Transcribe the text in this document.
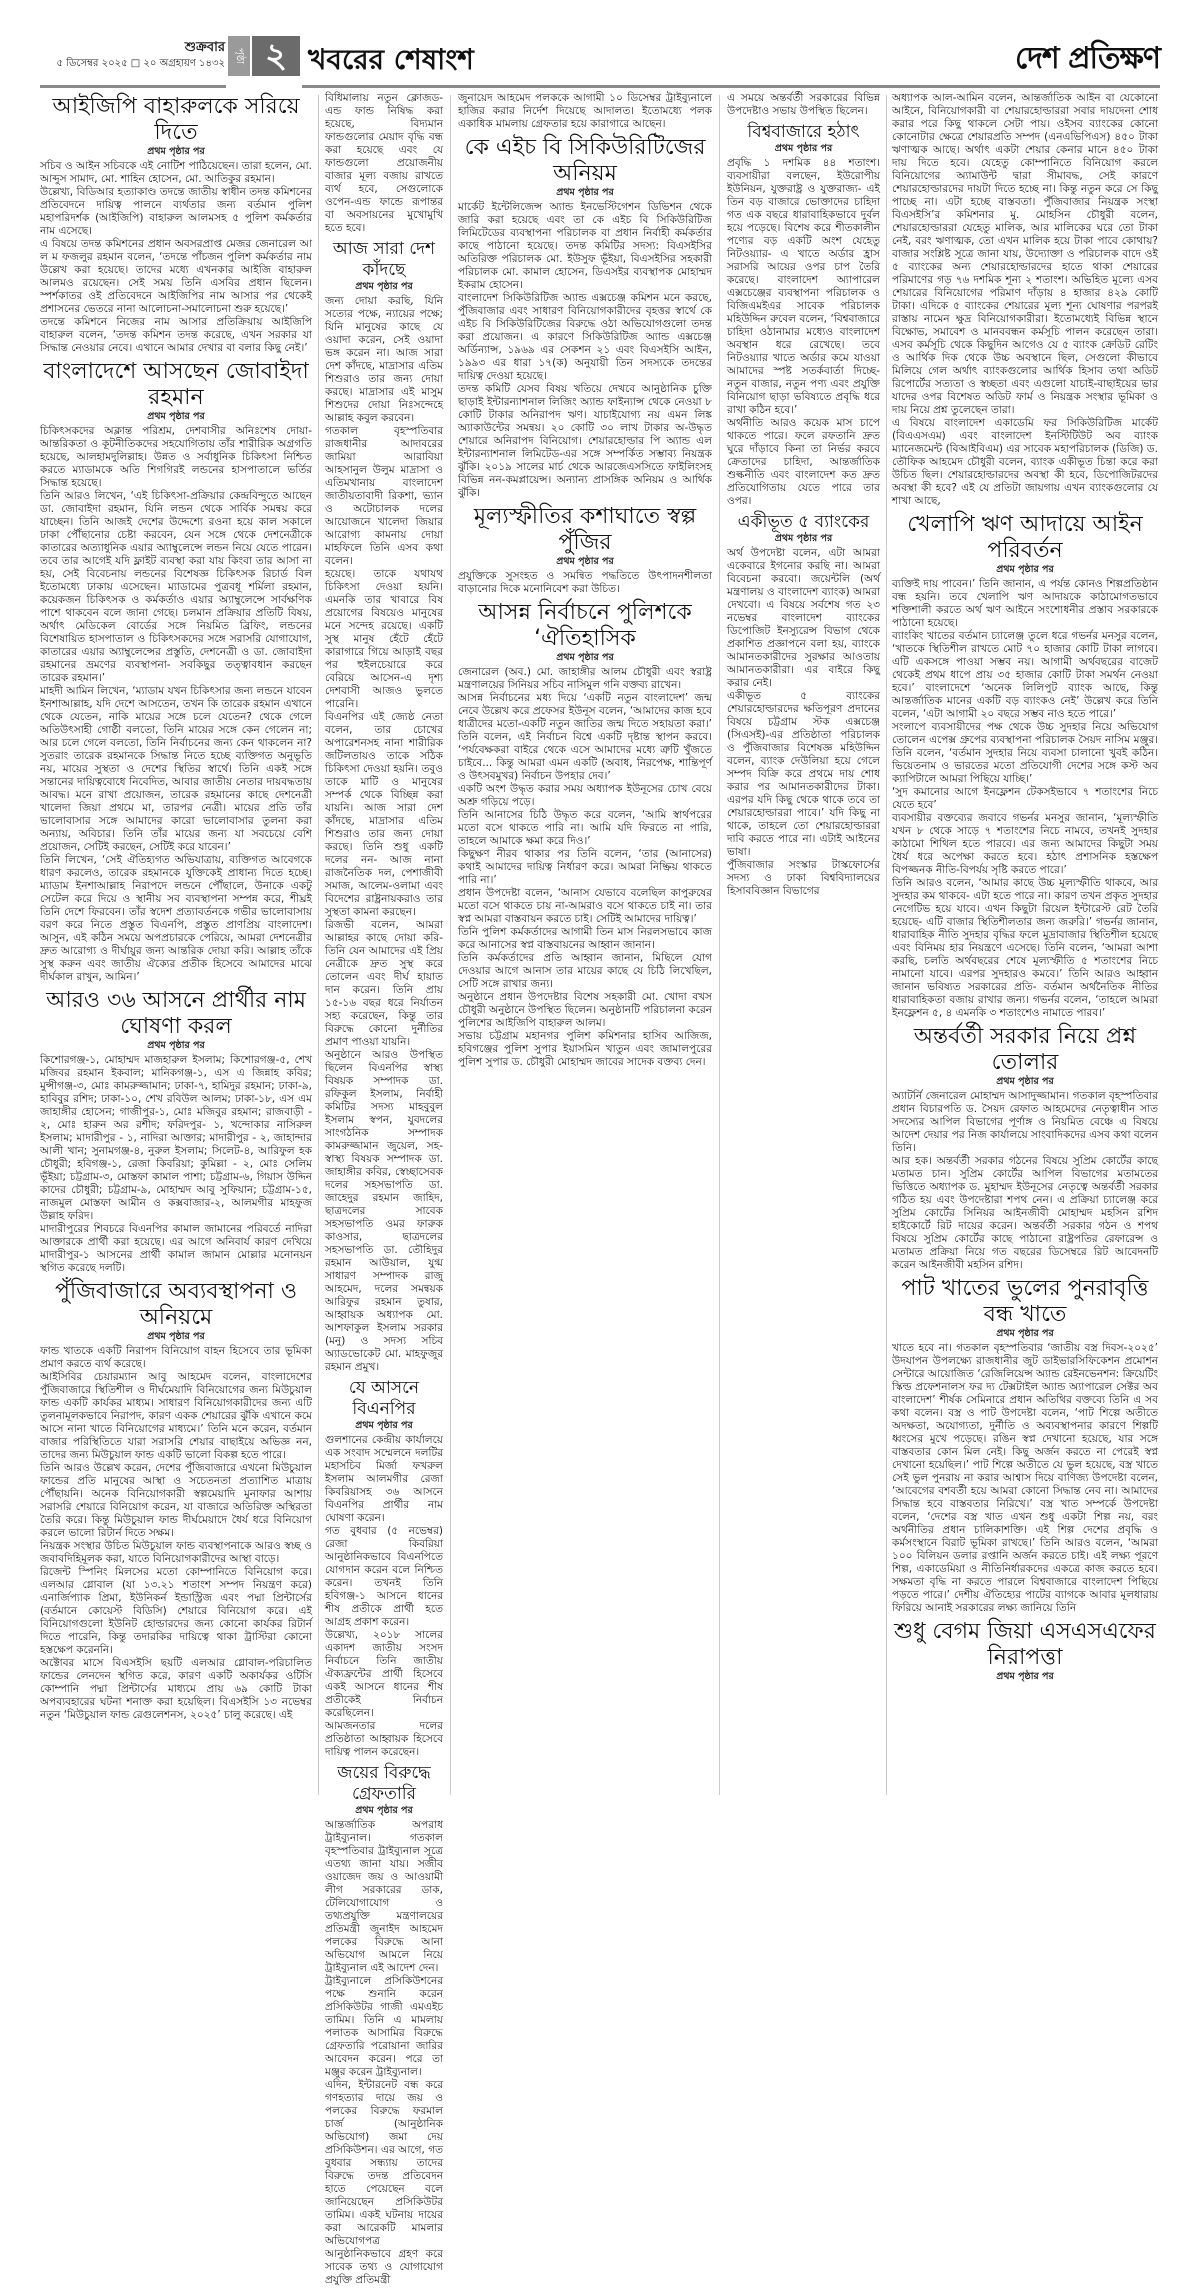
শুক্রবার
৫ ডিসেম্বর ২০২৫ □ ২০ অগ্রহায়ণ ১৪৩২ পৃষ্ঠা ২ খবরের শেষাংশ	দেশ প্রতিক্ষণ
আইজিপি বাহারুলকে সরিয়ে দিতে
প্রথম পৃষ্ঠার পর

সচিব ও আইন সচিবকে এই নোটিশ পাঠিয়েছেন। তারা হলেন, মো. আব্দুস সামাদ, মো. শাহিন হোসেন, মো. আতিকুর রহমান।

উল্লেখ্য, বিডিআর হত্যাকাণ্ড তদন্তে জাতীয় স্বাধীন তদন্ত কমিশনের প্রতিবেদনে দায়িত্ব পালনে ব্যর্থতার জন্য বর্তমান পুলিশ মহাপরিদর্শক (আইজিপি) বাহারুল আলমসহ ৫ পুলিশ কর্মকর্তার নাম এসেছে।

এ বিষয়ে তদন্ত কমিশনের প্রধান অবসরপ্রাপ্ত মেজর জেনারেল আ ল ম ফজলুর রহমান বলেন, ‘তদন্তে পাঁচজন পুলিশ কর্মকর্তার নাম উল্লেখ করা হয়েছে। তাদের মধ্যে এখনকার আইজি বাহারুল আলমও রয়েছেন। সেই সময় তিনি এসবির প্রধান ছিলেন। স্পর্শকাতর ওই প্রতিবেদনে আইজিপির নাম আসার পর থেকেই প্রশাসনের ভেতরে নানা আলোচনা-সমালোচনা শুরু হয়েছে।’

তদন্তে কমিশনে নিজের নাম আসার প্রতিক্রিয়ায় আইজিপি বাহারুল বলেন, ‘তদন্ত কমিশন তদন্ত করেছে, এখন সরকার যা সিদ্ধান্ত নেওয়ার নেবে। এখানে আমার দেখার বা বলার কিছু নেই।’

বাংলাদেশে আসছেন জোবাইদা রহমান
প্রথম পৃষ্ঠার পর

চিকিৎসকদের অক্লান্ত পরিশ্রম, দেশবাসীর অনিঃশেষ দোয়া-আন্তরিকতা ও কূটনীতিকদের সহযোগিতায় তাঁর শারীরিক অগ্রগতি হয়েছে, আলহামদুলিল্লাহ। উন্নত ও সর্বাধুনিক চিকিৎসা নিশ্চিত করতে ম্যাডামকে অতি শিগগিরই লন্ডনের হাসপাতালে ভর্তির সিদ্ধান্ত হয়েছে।

তিনি আরও লিখেন, ‘এই চিকিৎসা-প্রক্রিয়ার কেন্দ্রবিন্দুতে আছেন ডা. জোবাইদা রহমান, যিনি লন্ডন থেকে সার্বিক সমন্বয় করে যাচ্ছেন। তিনি আজই দেশের উদ্দেশ্যে রওনা হয়ে কাল সকালে ঢাকা পৌঁছানোর চেষ্টা করবেন, যেন সঙ্গে থেকে দেশনেত্রীকে কাতারের অত্যাধুনিক এয়ার অ্যাম্বুলেন্সে লন্ডন নিয়ে যেতে পারেন। তবে তার আগেই যদি ফ্লাইট ব্যবস্থা করা যায় কিংবা তার আসা না হয়, সেই বিবেচনায় লন্ডনের বিশেষজ্ঞ চিকিৎসক রিচার্ড বিল ইতোমধ্যে ঢাকায় এসেছেন। ম্যাডামের পুত্রবধূ শর্মিলা রহমান, কয়েকজন চিকিৎসক ও কর্মকর্তাও এয়ার অ্যাম্বুলেন্সে সার্বক্ষণিক পাশে থাকবেন বলে জানা গেছে। চলমান প্রক্রিয়ার প্রতিটি বিষয়, অর্থাৎ মেডিকেল বোর্ডের সঙ্গে নিয়মিত ব্রিফিং, লন্ডনের বিশেষায়িত হাসপাতাল ও চিকিৎসকদের সঙ্গে সরাসরি যোগাযোগ, কাতারের এয়ার অ্যাম্বুলেন্সের প্রস্তুতি, দেশনেত্রী ও ডা. জোবাইদা রহমানের ভ্রমণের ব্যবস্থাপনা- সবকিছুর তত্ত্বাবধান করছেন তারেক রহমান।’

মাহদী আমিন লিখেন, ‘ম্যাডাম যখন চিকিৎসার জন্য লন্ডনে যাবেন ইনশাআল্লাহ, যদি দেশে আসতেন, তখন কি তারেক রহমান এখানে থেকে যেতেন, নাকি মায়ের সঙ্গে চলে যেতেন? থেকে গেলে অতিউৎসাহী গোষ্ঠী বলতো, তিনি মায়ের সঙ্গে কেন গেলেন না; আর চলে গেলে বলতো, তিনি নির্বাচনের জন্য কেন থাকলেন না? সুতরাং তারেক রহমানকে সিদ্ধান্ত নিতে হচ্ছে ব্যক্তিগত অনুভূতি নয়, মায়ের সুস্থতা ও দেশের স্থিতির স্বার্থে। তিনি একই সঙ্গে সন্তানের দায়িত্ববোধে নিবেদিত, আবার জাতীয় নেতার দায়বদ্ধতায় আবদ্ধ। মনে রাখা প্রয়োজন, তারেক রহমানের কাছে দেশনেত্রী খালেদা জিয়া প্রথমে মা, তারপর নেত্রী। মায়ের প্রতি তাঁর ভালোবাসার সঙ্গে আমাদের কারো ভালোবাসার তুলনা করা অন্যায়, অবিচার। তিনি তাঁর মায়ের জন্য যা সবচেয়ে বেশি প্রয়োজন, সেটিই করছেন, সেটিই করে যাবেন।’

তিনি লিখেন, ‘সেই ঐতিহ্যগত অভিযাত্রায়, ব্যক্তিগত আবেগকে ধারণ করলেও, তারেক রহমানকে যুক্তিকেই প্রাধান্য দিতে হচ্ছে। ম্যাডাম ইনশাআল্লাহ নিরাপদে লন্ডনে পৌঁছালে, উনাকে একটু সেটেল করে দিয়ে ও স্থানীয় সব ব্যবস্থাপনা সম্পন্ন করে, শীঘ্রই তিনি দেশে ফিরবেন। তাঁর স্বদেশ প্রত্যাবর্তনকে গভীর ভালোবাসায় বরণ করে নিতে প্রস্তুত বিএনপি, প্রস্তুত প্রাণপ্রিয় বাংলাদেশ। আসুন, এই কঠিন সময়ে অপপ্রচারকে পেরিয়ে, আমরা দেশনেত্রীর দ্রুত আরোগ্য ও দীর্ঘায়ুর জন্য আন্তরিক দোয়া করি। আল্লাহ তাঁকে সুস্থ করুন এবং জাতীয় ঐক্যের প্রতীক হিসেবে আমাদের মাঝে দীর্ঘকাল রাখুন, আমিন।’

আরও ৩৬ আসনে প্রার্থীর নাম ঘোষণা করল
প্রথম পৃষ্ঠার পর

কিশোরগঞ্জ-১, মোহাম্মদ মাজহারুল ইসলাম; কিশোরগঞ্জ-৫, শেখ মজিবর রহমান ইকবাল; মানিকগঞ্জ-১, এস এ জিন্নাহ কবির; মুন্সীগঞ্জ-৩, মোঃ কামরুজ্জামান; ঢাকা-৭, হামিদুর রহমান; ঢাকা-৯, হাবিবুর রশিদ; ঢাকা-১০, শেখ রবিউল আলম; ঢাকা-১৮, এস এম জাহাঙ্গীর হোসেন; গাজীপুর-১, মোঃ মজিবুর রহমান; রাজবাড়ী - ২, মোঃ হারুন অর রশীদ; ফরিদপুর- ১, খন্দোকার নাসিরুল ইসলাম; মাদারীপুর - ১, নাদিরা আক্তার; মাদারীপুর - ২, জাহান্দার আলী খান; সুনামগঞ্জ-৪, নুরুল ইসলাম; সিলেট-৪, আরিফুল হক চৌধুরী; হবিগঞ্জ-১, রেজা কিবরিয়া; কুমিল্লা - ২, মোঃ সেলিম ভূঁইয়া; চট্টগ্রাম-৩, মোস্তফা কামাল পাশা; চট্টগ্রাম-৬, গিয়াস উদ্দিন কাদের চৌধুরী; চট্টগ্রাম-৯, মোহাম্মদ আবু সুফিয়ান; চট্টগ্রাম-১৫, নাজমুল মোস্তফা আমীন ও কক্সবাজার-২, আলমগীর মাহফুজ উল্লাহ ফরিদ।

মাদারীপুরের শিবচরে বিএনপির কামাল জামানের পরিবর্তে নাদিরা আক্তারকে প্রার্থী করা হয়েছে। এর আগে অনিবার্য কারণ দেখিয়ে মাদারীপুর-১ আসনের প্রার্থী কামাল জামান মোল্লার মনোনয়ন স্থগিত করেছে দলটি।

পুঁজিবাজারে অব্যবস্থাপনা ও অনিয়মে
প্রথম পৃষ্ঠার পর

ফান্ড খাতকে একটি নিরাপদ বিনিয়োগ বাহন হিসেবে তার ভূমিকা প্রমাণ করতে ব্যর্থ করেছে।

আইসিবির চেয়ারম্যান আবু আহমেদ বলেন, বাংলাদেশের পুঁজিবাজারে স্থিতিশীল ও দীর্ঘমেয়াদি বিনিয়োগের জন্য মিউচুয়াল ফান্ড একটি কার্যকর মাধ্যম। সাধারণ বিনিয়োগকারীদের জন্য এটি তুলনামূলকভাবে নিরাপদ, কারণ একক শেয়ারের ঝুঁকি এখানে কমে আসে নানা খাতে বিনিয়োগের মাধ্যমে।’ তিনি মনে করেন, বর্তমান বাজার পরিস্থিতিতে যারা সরাসরি শেয়ার বাছাইয়ে অভিজ্ঞ নন, তাদের জন্য মিউচুয়াল ফান্ড একটি ভালো বিকল্প হতে পারে।

তিনি আরও উল্লেখ করেন, দেশের পুঁজিবাজারে এখনো মিউচুয়াল ফান্ডের প্রতি মানুষের আস্থা ও সচেতনতা প্রত্যাশিত মাত্রায় পৌঁছায়নি। অনেক বিনিয়োগকারী স্বল্পমেয়াদি মুনাফার আশায় সরাসরি শেয়ারে বিনিয়োগ করেন, যা বাজারে অতিরিক্ত অস্থিরতা তৈরি করে। কিন্তু মিউচুয়াল ফান্ড দীর্ঘমেয়াদে ধৈর্য ধরে বিনিয়োগ করলে ভালো রিটার্ন দিতে সক্ষম।

নিয়ন্ত্রক সংস্থার উচিত মিউচুয়াল ফান্ড ব্যবস্থাপনাকে আরও স্বচ্ছ ও জবাবদিহিমূলক করা, যাতে বিনিয়োগকারীদের আস্থা বাড়ে।

রিজেন্ট স্পিনিং মিলসের মতো কোম্পানিতে বিনিয়োগ করে। এলআর গ্লোবাল (যা ১৩.২১ শতাংশ সম্পদ নিয়ন্ত্রণ করে) এনার্জিপ্যাক প্রিমা, ইউনিকর্ন ইন্ডাস্ট্রিজ এবং পদ্মা প্রিন্টার্সের (বর্তমানে কোয়েস্ট বিডিসি) শেয়ারে বিনিয়োগ করে। এই বিনিয়োগগুলো ইউনিট হোল্ডারদের জন্য কোনো কার্যকর রিটার্ন দিতে পারেনি, কিন্তু তদারকির দায়িত্বে থাকা ট্রাস্টিরা কোনো হস্তক্ষেপ করেননি।

অক্টোবর মাসে বিএসইসি ছয়টি এলআর গ্লোবাল-পরিচালিত ফান্ডের লেনদেন স্থগিত করে, কারণ একটি অকার্যকর ওটিসি কোম্পানি পদ্মা প্রিন্টার্সের মাধ্যমে প্রায় ৬৯ কোটি টাকা অপব্যবহারের ঘটনা শনাক্ত করা হয়েছিল। বিএসইসি ১৩ নভেম্বর নতুন ‘মিউচুয়াল ফান্ড রেগুলেশনস, ২০২৫’ চালু করেছে। এই

বিধিমালায় নতুন ক্লোজড-এন্ড ফান্ড নিষিদ্ধ করা হয়েছে, বিদ্যমান ফান্ডগুলোর মেয়াদ বৃদ্ধি বন্ধ করা হয়েছে এবং যে ফান্ডগুলো প্রয়োজনীয় বাজার মূল্য বজায় রাখতে ব্যর্থ হবে, সেগুলোকে ওপেন-এন্ড ফান্ডে রূপান্তর বা অবসায়নের মুখোমুখি হতে হবে।

আজ সারা দেশ কাঁদছে
প্রথম পৃষ্ঠার পর

জন্য দোয়া করছি, যিনি সত্যের পক্ষে, ন্যায়ের পক্ষে; যিনি মানুষের কাছে যে ওয়াদা করেন, সেই ওয়াদা ভঙ্গ করেন না। আজ সারা দেশ কাঁদছে, মাদ্রাসার এতিম শিশুরাও তার জন্য দোয়া করছে। মাদ্রাসার এই মাসুম শিশুদের দোয়া নিঃসন্দেহে আল্লাহ কবুল করবেন।

গতকাল বৃহস্পতিবার রাজধানীর আদাবরের জামিয়া আরাবিয়া আহসানুল উলুম মাদ্রাসা ও এতিমখানায় বাংলাদেশ জাতীয়তাবাদী রিকশা, ভ্যান ও অটোচালক দলের আয়োজনে খালেদা জিয়ার আরোগ্য কামনায় দোয়া মাহফিলে তিনি এসব কথা বলেন।

হয়েছে। তাকে যথাযথ চিকিৎসা দেওয়া হয়নি। এমনকি তার খাবারে বিষ প্রয়োগের বিষয়েও মানুষের মনে সন্দেহ রয়েছে। একটি সুস্থ মানুষ হেঁটে হেঁটে কারাগারে গিয়ে আড়াই বছর পর হুইলচেয়ারে করে বেরিয়ে আসেন-এ দৃশ্য দেশবাসী আজও ভুলতে পারেনি।

বিএনপির এই জ্যেষ্ঠ নেতা বলেন, তার চোখের অপারেশনসহ নানা শারীরিক জটিলতায়ও তাকে সঠিক চিকিৎসা দেওয়া হয়নি। তবুও তাকে মাটি ও মানুষের সম্পর্ক থেকে বিচ্ছিন্ন করা যায়নি। আজ সারা দেশ কাঁদছে, মাদ্রাসার এতিম শিশুরাও তার জন্য দোয়া করছে। তিনি শুধু একটি দলের নন- আজ নানা রাজনৈতিক দল, পেশাজীবী সমাজ, আলেম-ওলামা এবং বিদেশের রাষ্ট্রনায়করাও তার সুস্থতা কামনা করছেন।

রিজভী বলেন, আমরা আল্লাহর কাছে দোয়া করি- তিনি যেন আমাদের এই প্রিয় নেত্রীকে দ্রুত সুস্থ করে তোলেন এবং দীর্ঘ হায়াত দান করেন। তিনি প্রায় ১৫-১৬ বছর ধরে নির্যাতন সহ্য করেছেন, কিন্তু তার বিরুদ্ধে কোনো দুর্নীতির প্রমাণ পাওয়া যায়নি।

অনুষ্ঠানে আরও উপস্থিত ছিলেন বিএনপির স্বাস্থ্য বিষয়ক সম্পাদক ডা. রফিকুল ইসলাম, নির্বাহী কমিটির সদস্য মাহবুবুল ইসলাম স্বপন, যুবদলের সাংগঠনিক সম্পাদক কামরুজ্জামান জুয়েল, সহ-স্বাস্থ্য বিষয়ক সম্পাদক ডা. জাহাঙ্গীর কবির, স্বেচ্ছাসেবক দলের সহসভাপতি ডা. জাহেদুর রহমান জাহিদ, ছাত্রদলের সাবেক সহসভাপতি ওমর ফারুক কাওসার, ছাত্রদলের সহসভাপতি ডা. তৌহিদুর রহমান আউয়াল, যুগ্ম সাধারণ সম্পাদক রাজু আহমেদ, দলের সমন্বয়ক আরিফুর রহমান তুষার, আহ্বায়ক অধ্যাপক মো. আশফাকুল ইসলাম সরকার (মনু) ও সদস্য সচিব অ্যাডভোকেট মো. মাহফুজুর রহমান প্রমুখ।

যে আসনে বিএনপির
প্রথম পৃষ্ঠার পর

গুলশানের কেন্দ্রীয় কার্যালয়ে এক সংবাদ সম্মেলনে দলটির মহাসচিব মির্জা ফখরুল ইসলাম আলমগীর রেজা কিবরিয়াসহ ৩৬ আসনে বিএনপির প্রার্থীর নাম ঘোষণা করেন।

গত বুধবার (৫ নভেম্বর) রেজা কিবরিয়া আনুষ্ঠানিকভাবে বিএনপিতে যোগদান করেন বলে নিশ্চিত করেন। তখনই তিনি হবিগঞ্জ-১ আসনে ধানের শীষ প্রতীকে প্রার্থী হতে আগ্রহ প্রকাশ করেন।

উল্লেখ্য, ২০১৮ সালের একাদশ জাতীয় সংসদ নির্বাচনে তিনি জাতীয় ঐক্যফ্রন্টের প্রার্থী হিসেবে একই আসনে ধানের শীষ প্রতীকেই নির্বাচন করেছিলেন।

আমজনতার দলের প্রতিষ্ঠাতা আহ্বায়ক হিসেবে দায়িত্ব পালন করেছেন।

জয়ের বিরুদ্ধে গ্রেফতারি
প্রথম পৃষ্ঠার পর

আন্তর্জাতিক অপরাধ ট্রাইব্যুনাল। গতকাল বৃহস্পতিবার ট্রাইব্যুনাল সূত্রে এতথ্য জানা যায়। সজীব ওয়াজেদ জয় ও আওয়ামী লীগ সরকারের ডাক, টেলিযোগাযোগ ও তথ্যপ্রযুক্তি মন্ত্রণালয়ের প্রতিমন্ত্রী জুনাইদ আহমেদ পলকের বিরুদ্ধে আনা অভিযোগ আমলে নিয়ে ট্রাইব্যুনাল এই আদেশ দেন।

ট্রাইব্যুনালে প্রসিকিউশনের পক্ষে শুনানি করেন প্রসিকিউটর গাজী এমএইচ তামিম। তিনি এ মামলায় পলাতক আসামির বিরুদ্ধে গ্রেফতারি পরোয়ানা জারির আবেদন করেন। পরে তা মঞ্জুর করেন ট্রাইব্যুনাল।

এদিন, ইন্টারনেট বন্ধ করে গণহত্যার দায়ে জয় ও পলকের বিরুদ্ধে ফরমাল চার্জ (আনুষ্ঠানিক অভিযোগ) জমা দেয় প্রসিকিউশন। এর আগে, গত বুধবার সন্ধ্যায় তাদের বিরুদ্ধে তদন্ত প্রতিবেদন হাতে পেয়েছেন বলে জানিয়েছেন প্রসিকিউটর তামিম। একই ঘটনায় দায়ের করা আরেকটি মামলার অভিযোগপত্র আনুষ্ঠানিকভাবে গ্রহণ করে সাবেক তথ্য ও যোগাযোগ প্রযুক্তি প্রতিমন্ত্রী

জুনায়েদ আহমেদ পলককে আগামী ১০ ডিসেম্বর ট্রাইব্যুনালে হাজির করার নির্দেশ দিয়েছে আদালত। ইতোমধ্যে পলক একাধিক মামলায় গ্রেফতার হয়ে কারাগারে আছেন।

কে এইচ বি সিকিউরিটিজের অনিয়ম
প্রথম পৃষ্ঠার পর

মার্কেট ইন্টেলিজেন্স অ্যান্ড ইনভেস্টিগেশন ডিভিশন থেকে জারি করা হয়েছে এবং তা কে এইচ বি সিকিউরিটিজ লিমিটেডের ব্যবস্থাপনা পরিচালক বা প্রধান নির্বাহী কর্মকর্তার কাছে পাঠানো হয়েছে। তদন্ত কমিটির সদস্য: বিএসইসির অতিরিক্ত পরিচালক মো. ইউসুফ ভূঁইয়া, বিএসইসির সহকারী পরিচালক মো. কামাল হোসেন, ডিএসইর ব্যবস্থাপক মোহাম্মদ ইকরাম হোসেন।

বাংলাদেশ সিকিউরিটিজ অ্যান্ড এক্সচেঞ্জ কমিশন মনে করছে, পুঁজিবাজার এবং সাধারণ বিনিয়োগকারীদের বৃহত্তর স্বার্থে কে এইচ বি সিকিউরিটিজের বিরুদ্ধে ওঠা অভিযোগগুলো তদন্ত করা প্রয়োজন। এ কারণে সিকিউরিটিজ অ্যান্ড এক্সচেঞ্জ অর্ডিন্যান্স, ১৯৬৯ এর সেকশন ২১ এবং বিএসইসি আইন, ১৯৯৩ এর ধারা ১৭(ক) অনুযায়ী তিন সদস্যকে তদন্তের দায়িত্ব দেওয়া হয়েছে।

তদন্ত কমিটি যেসব বিষয় খতিয়ে দেখবে আনুষ্ঠানিক চুক্তি ছাড়াই ইন্টারন্যাশনাল লিজিং অ্যান্ড ফাইন্যান্স থেকে নেওয়া ৮ কোটি টাকার অনিরাপদ ঋণ। যাচাইযোগ্য নয় এমন লিঙ্ক অ্যাকাউন্টের সমন্বয়। ২০ কোটি ৩০ লাখ টাকার অ-উদ্ধৃত শেয়ারে অনিরাপদ বিনিয়োগ। শেয়ারহোল্ডার পি অ্যান্ড এল ইন্টারন্যাশনাল লিমিটেড-এর সঙ্গে সম্পর্কিত সম্ভাব্য নিয়ন্ত্রক ঝুঁকি। ২০১৯ সালের মার্চ থেকে আরজেএসসিতে ফাইলিংসহ বিভিন্ন নন-কমপ্লায়েন্স। অন্যান্য প্রাসঙ্গিক অনিয়ম ও আর্থিক ঝুঁকি।

মূল্যস্ফীতির কশাঘাতে স্বল্প পুঁজির
প্রথম পৃষ্ঠার পর

প্রযুক্তিকে সুসংহত ও সমন্বিত পদ্ধতিতে উৎপাদনশীলতা বাড়ানোর দিকে মনোনিবেশ করা উচিত।

আসন্ন নির্বাচনে পুলিশকে ‘ঐতিহাসিক
প্রথম পৃষ্ঠার পর

জেনারেল (অব.) মো. জাহাঙ্গীর আলম চৌধুরী এবং স্বরাষ্ট্র মন্ত্রণালয়ের সিনিয়র সচিব নাসিমুল গনি বক্তব্য রাখেন।

আসন্ন নির্বাচনের মধ্য দিয়ে ‘একটি নতুন বাংলাদেশ’ জন্ম নেবে উল্লেখ করে প্রফেসর ইউনূস বলেন, ‘আমাদের কাজ হবে ধাত্রীদের মতো-একটি নতুন জাতির জন্ম দিতে সহায়তা করা।’ তিনি বলেন, এই নির্বাচন বিশ্বে একটি দৃষ্টান্ত স্থাপন করবে। ‘পর্যবেক্ষকরা বাইরে থেকে এসে আমাদের মধ্যে ত্রুটি খুঁজতে চাইবে... কিন্তু আমরা এমন একটি (অবাধ, নিরপেক্ষ, শান্তিপূর্ণ ও উৎসবমুখর) নির্বাচন উপহার দেব।’

একটি অংশ উদ্ধৃত করার সময় অধ্যাপক ইউনূসের চোখ বেয়ে অশ্রু গড়িয়ে পড়ে।

তিনি আনাসের চিঠি উদ্ধৃত করে বলেন, ‘আমি স্বার্থপরের মতো বসে থাকতে পারি না। আমি যদি ফিরতে না পারি, তাহলে আমাকে ক্ষমা করে দিও।’

কিছুক্ষণ নীরব থাকার পর তিনি বলেন, ‘তার (আনাসের) কথাই আমাদের দায়িত্ব নির্ধারণ করে। আমরা নিষ্ক্রিয় থাকতে পারি না।’

প্রধান উপদেষ্টা বলেন, ‘আনাস যেভাবে বলেছিল কাপুরুষের মতো বসে থাকতে চায় না-আমরাও বসে থাকতে চাই না। তার স্বপ্ন আমরা বাস্তবায়ন করতে চাই। সেটিই আমাদের দায়িত্ব।’

তিনি পুলিশ কর্মকর্তাদের আগামী তিন মাস নিরলসভাবে কাজ করে আনাসের স্বপ্ন বাস্তবায়নের আহ্বান জানান।

তিনি কর্মকর্তাদের প্রতি আহ্বান জানান, মিছিলে যোগ দেওয়ার আগে আনাস তার মায়ের কাছে যে চিঠি লিখেছিল, সেটি সঙ্গে রাখার জন্য।

অনুষ্ঠানে প্রধান উপদেষ্টার বিশেষ সহকারী মো. খোদা বখস চৌধুরী অনুষ্ঠানে উপস্থিত ছিলেন। অনুষ্ঠানটি পরিচালনা করেন পুলিশের আইজিপি বাহারুল আলম।

সভায় চট্টগ্রাম মহানগর পুলিশ কমিশনার হাসিব আজিজ, হবিগঞ্জের পুলিশ সুপার ইয়াসমিন খাতুন এবং জামালপুরের পুলিশ সুপার ড. চৌধুরী মোহাম্মদ জাবের সাদেক বক্তব্য দেন।

এ সময়ে অন্তর্বর্তী সরকারের বিভিন্ন উপদেষ্টাও সভায় উপস্থিত ছিলেন।

বিশ্ববাজারে হঠাৎ
প্রথম পৃষ্ঠার পর

প্রবৃদ্ধি ১ দশমিক ৪৪ শতাংশ। ব্যবসায়ীরা বলছেন, ইউরোপীয় ইউনিয়ন, যুক্তরাষ্ট্র ও যুক্তরাজ্য- এই তিন বড় বাজারে ভোক্তাদের চাহিদা গত এক বছরে ধারাবাহিকভাবে দুর্বল হয়ে পড়েছে। বিশেষ করে শীতকালীন পণ্যের বড় একটি অংশ যেহেতু নিটওয়্যার- এ খাতে অর্ডার হ্রাস সরাসরি আয়ের ওপর চাপ তৈরি করেছে। বাংলাদেশ অ্যাপারেল এক্সচেঞ্জের ব্যবস্থাপনা পরিচালক ও বিজিএমইএর সাবেক পরিচালক মহিউদ্দিন রুবেল বলেন, ‘বিশ্ববাজারে চাহিদা ওঠানামার মধ্যেও বাংলাদেশ অবস্থান ধরে রেখেছে। তবে নিটওয়্যার খাতে অর্ডার কমে যাওয়া আমাদের স্পষ্ট সতর্কবার্তা দিচ্ছে- নতুন বাজার, নতুন পণ্য এবং প্রযুক্তি বিনিয়োগ ছাড়া ভবিষ্যতে প্রবৃদ্ধি ধরে রাখা কঠিন হবে।’

অর্থনীতি আরও কয়েক মাস চাপে থাকতে পারে। ফলে রফতানি দ্রুত ঘুরে দাঁড়াবে কিনা তা নির্ভর করবে ক্রেতাদের চাহিদা, আন্তর্জাতিক শুল্কনীতি এবং বাংলাদেশ কত দ্রুত প্রতিযোগিতায় যেতে পারে তার ওপর।

একীভূত ৫ ব্যাংকের
প্রথম পৃষ্ঠার পর

অর্থ উপদেষ্টা বলেন, এটা আমরা একেবারে ইগনোর করছি না। আমরা বিবেচনা করবো। জয়েন্টলি (অর্থ মন্ত্রণালয় ও বাংলাদেশ ব্যাংক) আমরা দেখবো। এ বিষয়ে সর্বশেষ গত ২৩ নভেম্বর বাংলাদেশ ব্যাংকের ডিপোজিট ইনস্যুরেন্স বিভাগ থেকে প্রকাশিত প্রজ্ঞাপনে বলা হয়, ব্যাংকে আমানতকারীদের সুরক্ষার আওতায় আমানতকারীরা। এর বাইরে কিছু করার নেই।

একীভূত ৫ ব্যাংকের শেয়ারহোল্ডারদের ক্ষতিপূরণ প্রদানের বিষয়ে চট্টগ্রাম স্টক এক্সচেঞ্জ (সিএসই)-এর প্রতিষ্ঠাতা পরিচালক ও পুঁজিবাজার বিশেষজ্ঞ মহিউদ্দিন বলেন, ব্যাংক দেউলিয়া হয়ে গেলে সম্পদ বিক্রি করে প্রথমে দায় শোধ করার পর আমানতকারীদের টাকা। এরপর যদি কিছু থেকে থাকে তবে তা শেয়ারহোল্ডাররা পাবে।’ যদি কিছু না থাকে, তাহলে তো শেয়ারহোল্ডাররা দাবি করতে পারে না। এটাই আইনের ভাষা।

পুঁজিবাজার সংস্কার টাস্কফোর্সের সদস্য ও ঢাকা বিশ্ববিদ্যালয়ের হিসাববিজ্ঞান বিভাগের

অধ্যাপক আল-আমিন বলেন, আন্তর্জাতিক আইন বা যেকোনো আইনে, বিনিয়োগকারী বা শেয়ারহোল্ডাররা সবার দায়দেনা শোধ করার পরে কিছু থাকলে সেটা পায়। ওইসব ব্যাংকের কোনো কোনোটার ক্ষেত্রে শেয়ারপ্রতি সম্পদ (এনএভিপিএস) ৪৫০ টাকা ঋণাত্মক আছে। অর্থাৎ একটা শেয়ার কেনার মানে ৪৫০ টাকা দায় দিতে হবে। যেহেতু কোম্পানিতে বিনিয়োগ করলে বিনিয়োগের অ্যামাউন্ট দ্বারা সীমাবদ্ধ, সেই কারণে শেয়ারহোল্ডারদের দায়টা দিতে হচ্ছে না। কিন্তু নতুন করে সে কিছু পাচ্ছে না। এটা হচ্ছে বাস্তবতা। পুঁজিবাজার নিয়ন্ত্রক সংস্থা বিএসইসি’র কমিশনার মু. মোহসিন চৌধুরী বলেন, শেয়ারহোল্ডাররা যেহেতু মালিক, আর মালিকের ঘরে তো টাকা নেই, বরং ঋণাত্মক, তো এখন মালিক হয়ে টাকা পাবে কোথায়? বাজার সংশ্লিষ্ট সূত্রে জানা যায়, উদ্যোক্তা ও পরিচালক বাদে ওই ৫ ব্যাংকের অন্য শেয়ারহোল্ডারদের হাতে থাকা শেয়ারের পরিমাণের গড় ৭৬ দশমিক শূন্য ২ শতাংশ। অভিহিত মূল্যে এসব শেয়ারের বিনিয়োগের পরিমাণ দাঁড়ায় ৪ হাজার ৪২৯ কোটি টাকা। এদিকে ৫ ব্যাংকের শেয়ারের মূল্য শূন্য ঘোষণার পরপরই রাস্তায় নামেন ক্ষুদ্র বিনিয়োগকারীরা। ইতোমধ্যেই বিভিন্ন স্থানে বিক্ষোভ, সমাবেশ ও মানববন্ধন কর্মসূচি পালন করেছেন তারা। এসব কর্মসূচি থেকে কিছুদিন আগেও যে ৫ ব্যাংক ক্রেডিট রেটিং ও আর্থিক দিক থেকে উচ্চ অবস্থানে ছিল, সেগুলো কীভাবে মিলিয়ে গেল অর্থাৎ ব্যাংকগুলোর আর্থিক হিসাব তথা অডিট রিপোর্টের সত্যতা ও স্বচ্ছতা এবং এগুলো যাচাই-বাছাইয়ের ভার যাদের ওপর বিশেষত অডিট ফার্ম ও নিয়ন্ত্রক সংস্থার ভূমিকা ও দায় নিয়ে প্রশ্ন তুলেছেন তারা।

এ বিষয়ে বাংলাদেশ একাডেমি ফর সিকিউরিটিজ মার্কেট (বিএএসএম) এবং বাংলাদেশ ইনস্টিটিউট অব ব্যাংক ম্যানেজমেন্ট (বিআইবিএম) এর সাবেক মহাপরিচালক (ডিজি) ড. তৌফিক আহমেদ চৌধুরী বলেন, ব্যাংক একীভূত চিন্তা করে করা উচিত ছিল। শেয়ারহোল্ডারদের অবস্থা কী হবে, ডিপোজিটরদের অবস্থা কী হবে? এই যে প্রতিটা জায়গায় এখন ব্যাংকগুলোর যে শাখা আছে,

খেলাপি ঋণ আদায়ে আইন পরিবর্তন
প্রথম পৃষ্ঠার পর

ব্যক্তিই দায় পাবেন।’ তিনি জানান, এ পর্যন্ত কোনও শিল্পপ্রতিষ্ঠান বন্ধ হয়নি। তবে খেলাপি ঋণ আদায়কে কাঠামোগতভাবে শক্তিশালী করতে অর্থ ঋণ আইনে সংশোধনীর প্রস্তাব সরকারকে পাঠানো হয়েছে।

ব্যাংকিং খাতের বর্তমান চ্যালেঞ্জ তুলে ধরে গভর্নর মনসুর বলেন, ‘খাতকে স্থিতিশীল রাখতে মোট ৭০ হাজার কোটি টাকা লাগবে। এটি একসঙ্গে পাওয়া সম্ভব নয়। আগামী অর্থবছরের বাজেট থেকেই প্রথম ধাপে প্রায় ৩৫ হাজার কোটি টাকা সমর্থন নেওয়া হবে।’ বাংলাদেশে ‘অনেক লিলিপুট ব্যাংক আছে, কিন্তু আন্তর্জাতিক মানের একটি বড় ব্যাংকও নেই’ উল্লেখ করে তিনি বলেন, ‘এটা আগামী ২০ বছরে সম্ভব নাও হতে পারে।’

সংলাপে ব্যবসায়ীদের পক্ষ থেকে উচ্চ সুদহার নিয়ে অভিযোগ তোলেন এপেক্স গ্রুপের ব্যবস্থাপনা পরিচালক সৈয়দ নাসিম মঞ্জুর। তিনি বলেন, ‘বর্তমান সুদহার নিয়ে ব্যবসা চালানো খুবই কঠিন। ভিয়েতনাম ও ভারতের মতো প্রতিযোগী দেশের সঙ্গে কস্ট অব ক্যাপিটালে আমরা পিছিয়ে যাচ্ছি।’

‘সুদ কমানোর আগে ইনফ্লেশন টেকসইভাবে ৭ শতাংশের নিচে যেতে হবে’

ব্যবসায়ীর বক্তব্যের জবাবে গভর্নর মনসুর জানান, ‘মূল্যস্ফীতি যখন ৮ থেকে সাড়ে ৭ শতাংশের নিচে নামবে, তখনই সুদহার কাঠামো শিথিল হতে পারবে। এর জন্য আমাদের কিছুটা সময় ধৈর্য ধরে অপেক্ষা করতে হবে। হঠাৎ প্রশাসনিক হস্তক্ষেপ বিপজ্জনক নীতি-বিপর্যয় সৃষ্টি করতে পারে।’

তিনি আরও বলেন, ‘আমার কাছে উচ্চ মূল্যস্ফীতি থাকবে, আর সুদহার কম থাকবে- এটা হতে পারে না। কারণ তখন প্রকৃত সুদহার নেগেটিভ হয়ে যাবে। এখন কিছুটা রিয়েল ইন্টারেস্ট রেট তৈরি হয়েছে- এটি বাজার স্থিতিশীলতার জন্য জরুরি।’ গভর্নর জানান, ধারাবাহিক নীতি সুদহার বৃদ্ধির ফলে মুদ্রাবাজার স্থিতিশীল হয়েছে এবং বিনিময় হার নিয়ন্ত্রণে এসেছে। তিনি বলেন, ‘আমরা আশা করছি, চলতি অর্থবছরের শেষে মূল্যস্ফীতি ৫ শতাংশের নিচে নামানো যাবে। এরপর সুদহারও কমবে।’ তিনি আরও আহ্বান জানান ভবিষ্যত সরকারের প্রতি- বর্তমান অর্থনৈতিক নীতির ধারাবাহিকতা বজায় রাখার জন্য। গভর্নর বলেন, ‘তাহলে আমরা ইনফ্লেশন ৫, ৪ এমনকি ৩ শতাংশেও নামাতে পারব।’

অন্তর্বর্তী সরকার নিয়ে প্রশ্ন তোলার
প্রথম পৃষ্ঠার পর

অ্যাটর্নি জেনারেল মোহাম্মদ আসাদুজ্জামান। গতকাল বৃহস্পতিবার প্রধান বিচারপতি ড. সৈয়দ রেফাত আহমেদের নেতৃত্বাধীন সাত সদস্যের আপিল বিভাগের পূর্ণাঙ্গ ও নিয়মিত বেঞ্চে এ বিষয়ে আদেশ দেয়ার পর নিজ কার্যালয়ে সাংবাদিকদের এসব কথা বলেন তিনি।

আর হক। অন্তর্বর্তী সরকার গঠনের বিষয়ে সুপ্রিম কোর্টের কাছে মতামত চান। সুপ্রিম কোর্টের আপিল বিভাগের মতামতের ভিত্তিতে অধ্যাপক ড. মুহাম্মদ ইউনূসের নেতৃত্বে অন্তর্বর্তী সরকার গঠিত হয় এবং উপদেষ্টারা শপথ নেন। এ প্রক্রিয়া চ্যালেঞ্জ করে সুপ্রিম কোর্টের সিনিয়র আইনজীবী মোহাম্মদ মহসিন রশিদ হাইকোর্টে রিট দায়ের করেন। অন্তর্বর্তী সরকার গঠন ও শপথ বিষয়ে সুপ্রিম কোর্টের কাছে পাঠানো রাষ্ট্রপতির রেফারেন্স ও মতামত প্রক্রিয়া নিয়ে গত বছরের ডিসেম্বরে রিট আবেদনটি করেন আইনজীবী মহসিন রশিদ।

পাট খাতের ভুলের পুনরাবৃত্তি বন্ধ খাতে
প্রথম পৃষ্ঠার পর

খাতে হবে না। গতকাল বৃহস্পতিবার ‘জাতীয় বস্ত্র দিবস-২০২৫’ উদযাপন উপলক্ষ্যে রাজধানীর জুট ডাইভারসিফিকেশন প্রমোশন সেন্টারে আয়োজিত ‘রেজিলিয়েন্স অ্যান্ড রেইনভেনশন: ক্রিয়েটিং স্কিল্ড প্রফেশনালস ফর দ্য টেক্সটাইল অ্যান্ড অ্যাপারেল সেক্টর অব বাংলাদেশ’ শীর্ষক সেমিনারে প্রধান অতিথির বক্তব্যে তিনি এ সব কথা বলেন। বস্ত্র ও পাট উপদেষ্টা বলেন, ‘পাট শিল্পে অতীতে অদক্ষতা, অযোগ্যতা, দুর্নীতি ও অব্যবস্থাপনার কারণে শিল্পটি ধ্বংসের মুখে পড়েছে। রঙিন স্বপ্ন দেখানো হয়েছে, যার সঙ্গে বাস্তবতার কোন মিল নেই। কিছু অর্জন করতে না পেরেই স্বপ্ন দেখানো হয়েছিল।’ পাট শিল্পে অতীতে যে ভুল হয়েছে, বস্ত্র খাতে সেই ভুল পুনরায় না করার আশ্বাস দিয়ে বাণিজ্য উপদেষ্টা বলেন, ‘আবেগের বশবর্তী হয়ে আমরা কোনো সিদ্ধান্ত নেব না। আমাদের সিদ্ধান্ত হবে বাস্তবতার নিরিখে।’ বস্ত্র খাত সম্পর্কে উপদেষ্টা বলেন, ‘দেশের বস্ত্র খাত এখন শুধু একটা শিল্প নয়, বরং অর্থনীতির প্রধান চালিকাশক্তি। এই শিল্প দেশের প্রবৃদ্ধি ও কর্মসংস্থানে বিরাট ভূমিকা রাখছে।’ তিনি আরও বলেন, ‘আমরা ১০০ বিলিয়ন ডলার রপ্তানি অর্জন করতে চাই। এই লক্ষ্য পূরণে শিল্প, একাডেমিয়া ও নীতিনির্ধারকদের একত্রে কাজ করতে হবে। সক্ষমতা বৃদ্ধি না করতে পারলে বিশ্ববাজারে বাংলাদেশ পিছিয়ে পড়তে পারে।’ দেশীয় ঐতিহ্যের পাটের ব্যাগকে আবার মূলধারায় ফিরিয়ে আনাই সরকারের লক্ষ্য জানিয়ে তিনি

শুধু বেগম জিয়া এসএসএফের নিরাপত্তা
প্রথম পৃষ্ঠার পর
